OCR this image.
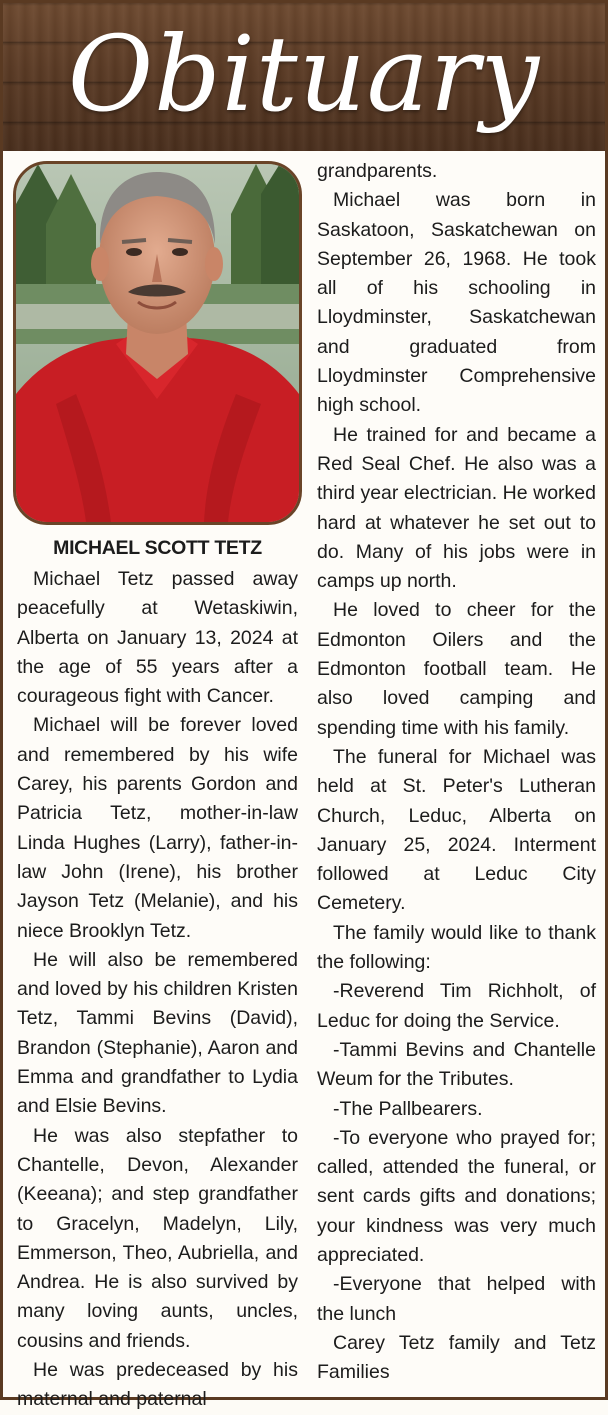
Obituary
MICHAEL SCOTT TETZ

Michael Tetz passed away peacefully at Wetaskiwin, Alberta on January 13, 2024 at the age of 55 years after a courageous fight with Cancer.

Michael will be forever loved and remembered by his wife Carey, his parents Gordon and Patricia Tetz, mother-in-law Linda Hughes (Larry), father-in-law John (Irene), his brother Jayson Tetz (Melanie), and his niece Brooklyn Tetz.

He will also be remembered and loved by his children Kristen Tetz, Tammi Bevins (David), Brandon (Stephanie), Aaron and Emma and grandfather to Lydia and Elsie Bevins.

He was also stepfather to Chantelle, Devon, Alexander (Keeana); and step grandfather to Gracelyn, Madelyn, Lily, Emmerson, Theo, Aubriella, and Andrea. He is also survived by many loving aunts, uncles, cousins and friends.

He was predeceased by his maternal and paternal

grandparents.

Michael was born in Saskatoon, Saskatchewan on September 26, 1968. He took all of his schooling in Lloydminster, Saskatchewan and graduated from Lloydminster Comprehensive high school.

He trained for and became a Red Seal Chef. He also was a third year electrician. He worked hard at whatever he set out to do. Many of his jobs were in camps up north.

He loved to cheer for the Edmonton Oilers and the Edmonton football team. He also loved camping and spending time with his family.

The funeral for Michael was held at St. Peter's Lutheran Church, Leduc, Alberta on January 25, 2024. Interment followed at Leduc City Cemetery.

The family would like to thank the following:

-Reverend Tim Richholt, of Leduc for doing the Service.

-Tammi Bevins and Chantelle Weum for the Tributes.

-The Pallbearers.

-To everyone who prayed for; called, attended the funeral, or sent cards gifts and donations; your kindness was very much appreciated.

-Everyone that helped with the lunch

Carey Tetz family and Tetz Families
